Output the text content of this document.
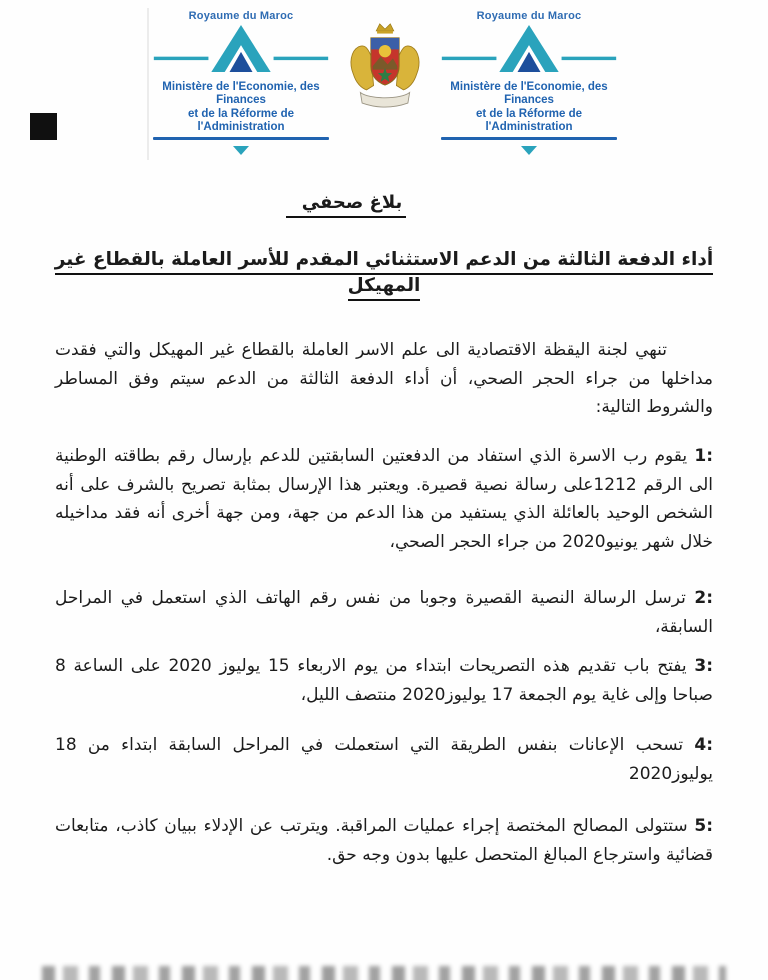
Royaume du Maroc
Ministère de l'Economie, des Finances
et de la Réforme de l'Administration
Royaume du Maroc
Ministère de l'Economie, des Finances
et de la Réforme de l'Administration
بلاغ صحفي
أداء الدفعة الثالثة من الدعم الاستثنائي المقدم للأسر العاملة بالقطاع غير المهيكل

تنهي لجنة اليقظة الاقتصادية الى علم الاسر العاملة بالقطاع غير المهيكل والتي فقدت مداخلها من جراء الحجر الصحي، أن أداء الدفعة الثالثة من الدعم سيتم وفق المساطر والشروط التالية:

1: يقوم رب الاسرة الذي استفاد من الدفعتين السابقتين للدعم بإرسال رقم بطاقته الوطنية الى الرقم 1212على رسالة نصية قصيرة. ويعتبر هذا الإرسال بمثابة تصريح بالشرف على أنه الشخص الوحيد بالعائلة الذي يستفيد من هذا الدعم من جهة، ومن جهة أخرى أنه فقد مداخيله خلال شهر يونيو2020 من جراء الحجر الصحي،

2: ترسل الرسالة النصية القصيرة وجوبا من نفس رقم الهاتف الذي استعمل في المراحل السابقة،

3: يفتح باب تقديم هذه التصريحات ابتداء من يوم الاربعاء 15 يوليوز 2020 على الساعة 8 صباحا وإلى غاية يوم الجمعة 17 يوليوز2020 منتصف الليل،

4: تسحب الإعانات بنفس الطريقة التي استعملت في المراحل السابقة ابتداء من 18 يوليوز2020

5: ستتولى المصالح المختصة إجراء عمليات المراقبة. ويترتب عن الإدلاء ببيان كاذب، متابعات قضائية واسترجاع المبالغ المتحصل عليها بدون وجه حق.
